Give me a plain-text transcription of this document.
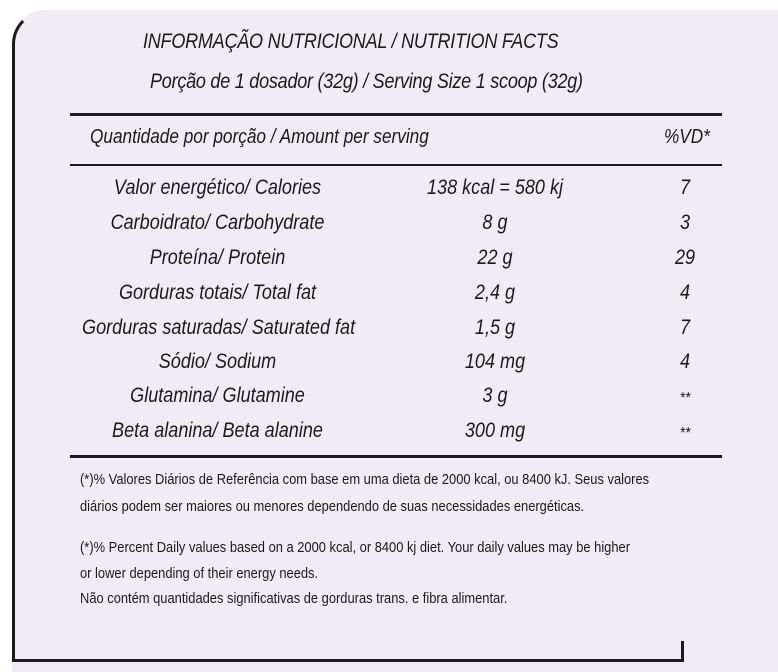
INFORMAÇÃO NUTRICIONAL / NUTRITION FACTS
Porção de 1 dosador (32g) / Serving Size 1 scoop (32g)
Quantidade por porção / Amount per serving	%VD*
Valor energético/ Calories	138 kcal = 580 kj	7
Carboidrato/ Carbohydrate	8 g	3
Proteína/ Protein	22 g	29
Gorduras totais/ Total fat	2,4 g	4
Gorduras saturadas/ Saturated fat	1,5 g	7
Sódio/ Sodium	104 mg	4
Glutamina/ Glutamine	3 g	**
Beta alanina/ Beta alanine	300 mg	**
(*)% Valores Diários de Referência com base em uma dieta de 2000 kcal, ou 8400 kJ. Seus valores
diários podem ser maiores ou menores dependendo de suas necessidades energéticas.
(*)% Percent Daily values based on a 2000 kcal, or 8400 kj diet. Your daily values may be higher
or lower depending of their energy needs.
Não contém quantidades significativas de gorduras trans. e fibra alimentar.
